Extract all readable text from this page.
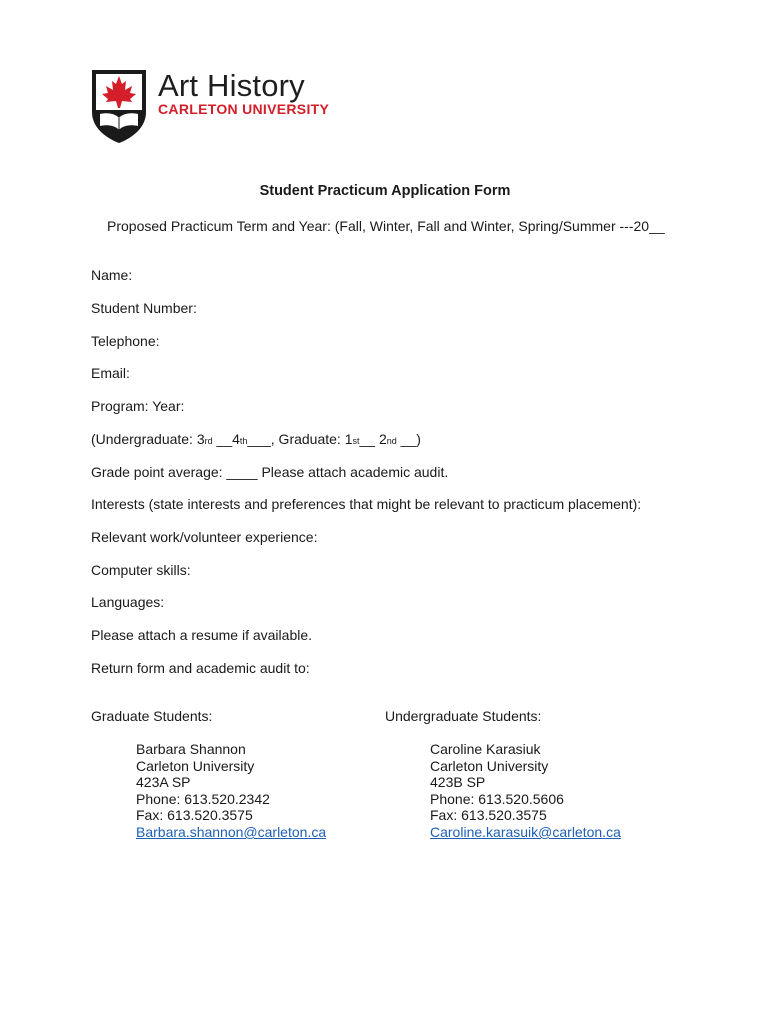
Art History
CARLETON UNIVERSITY
Student Practicum Application Form
Proposed Practicum Term and Year: (Fall, Winter, Fall and Winter, Spring/Summer ---20__
Name:
Student Number:
Telephone:
Email:
Program: Year:
(Undergraduate: 3rd __4th___, Graduate: 1st__ 2nd __)
Grade point average: ____ Please attach academic audit.
Interests (state interests and preferences that might be relevant to practicum placement):
Relevant work/volunteer experience:
Computer skills:
Languages:
Please attach a resume if available.
Return form and academic audit to:
Graduate Students:	Undergraduate Students:
Barbara Shannon
Carleton University
423A SP
Phone: 613.520.2342
Fax: 613.520.3575
Barbara.shannon@carleton.ca
Caroline Karasiuk
Carleton University
423B SP
Phone: 613.520.5606
Fax: 613.520.3575
Caroline.karasuik@carleton.ca
